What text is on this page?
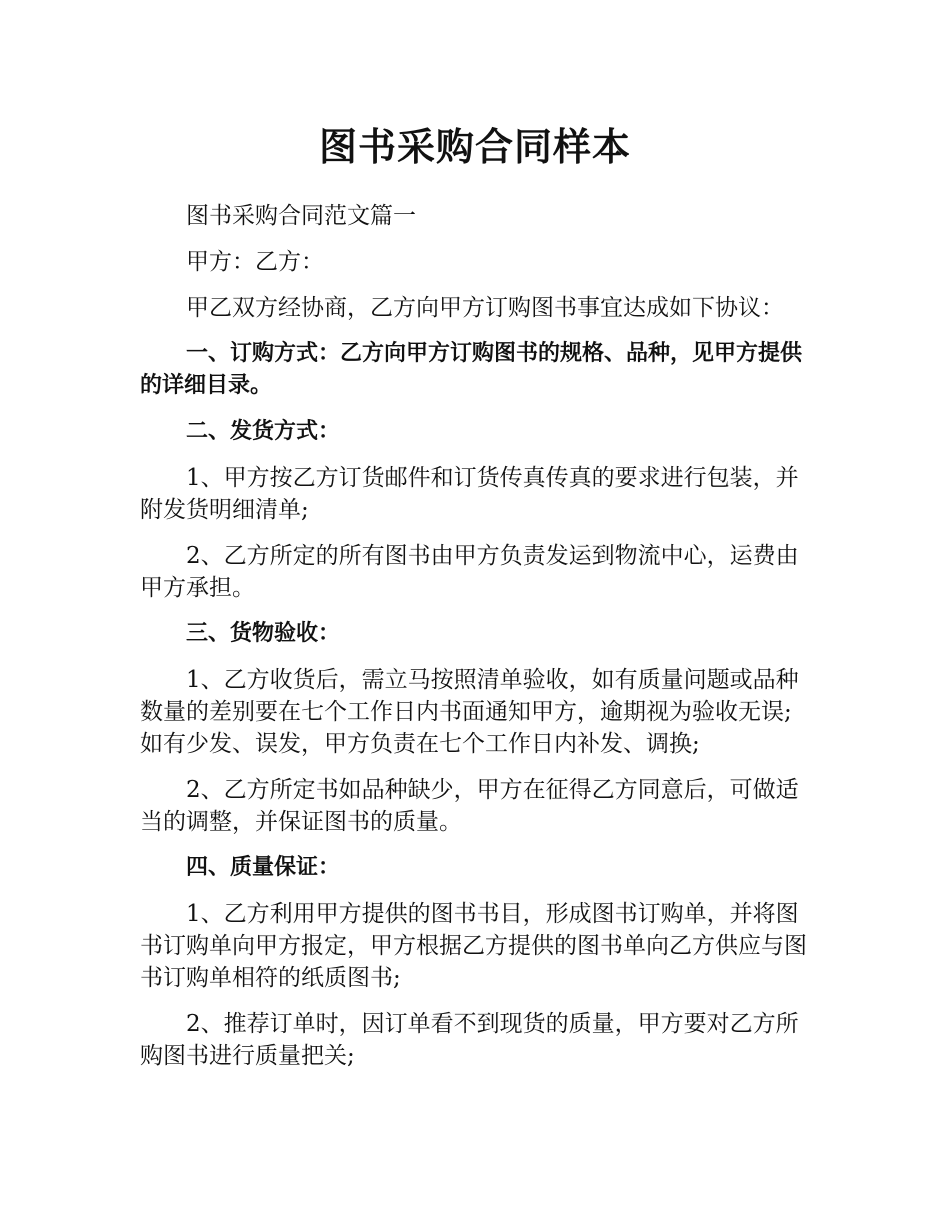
图书采购合同样本

图书采购合同范文篇一

甲方：乙方：

甲乙双方经协商，乙方向甲方订购图书事宜达成如下协议：

一、订购方式：乙方向甲方订购图书的规格、品种，见甲方提供的详细目录。

二、发货方式：

1、甲方按乙方订货邮件和订货传真传真的要求进行包装，并附发货明细清单;

2、乙方所定的所有图书由甲方负责发运到物流中心，运费由甲方承担。

三、货物验收：

1、乙方收货后，需立马按照清单验收，如有质量问题或品种数量的差别要在七个工作日内书面通知甲方，逾期视为验收无误;如有少发、误发，甲方负责在七个工作日内补发、调换;

2、乙方所定书如品种缺少，甲方在征得乙方同意后，可做适当的调整，并保证图书的质量。

四、质量保证：

1、乙方利用甲方提供的图书书目，形成图书订购单，并将图书订购单向甲方报定，甲方根据乙方提供的图书单向乙方供应与图书订购单相符的纸质图书;

2、推荐订单时，因订单看不到现货的质量，甲方要对乙方所购图书进行质量把关;
